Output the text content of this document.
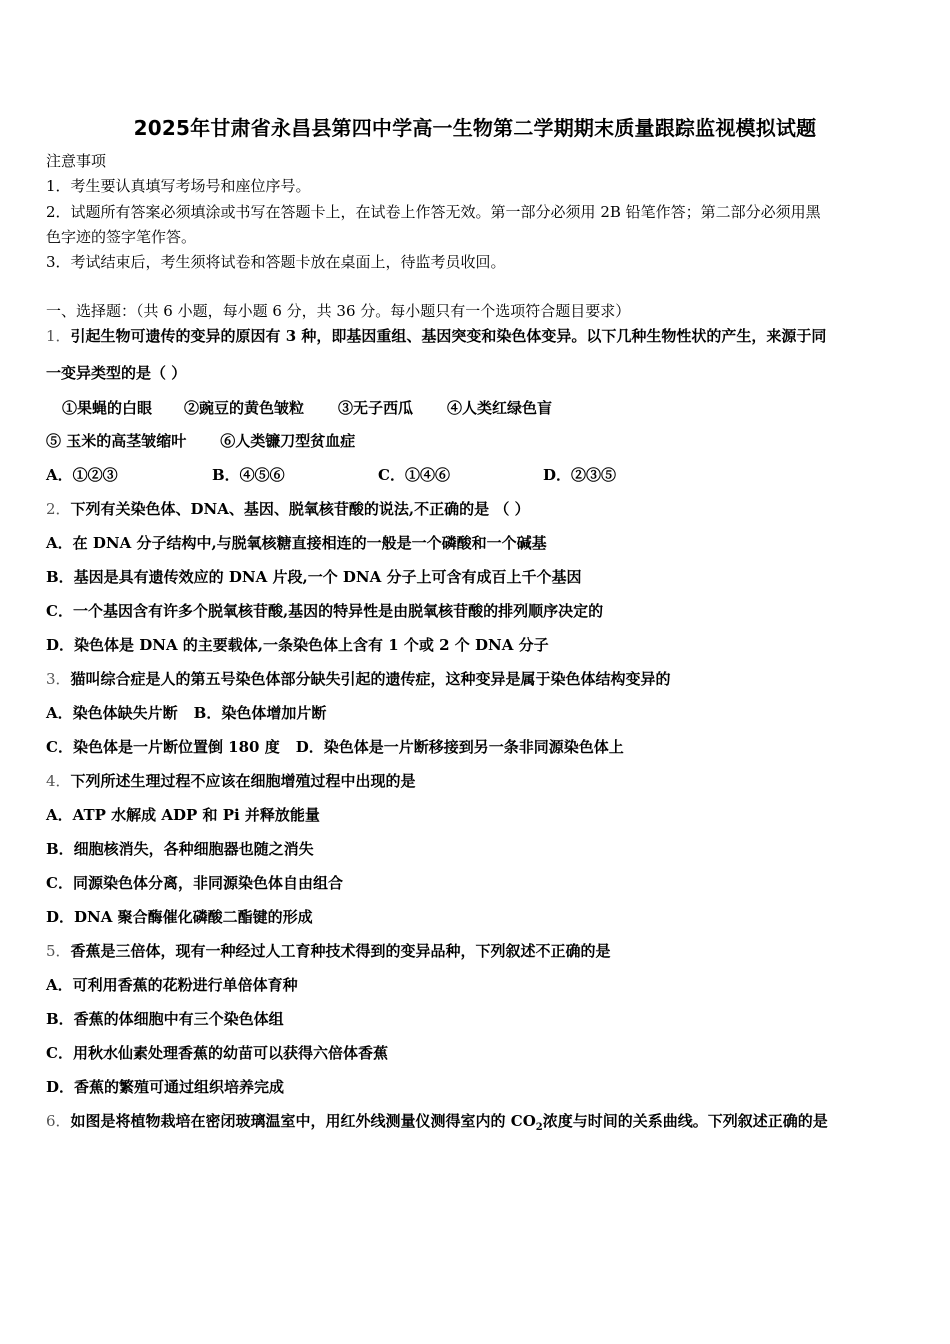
2025年甘肃省永昌县第四中学高一生物第二学期期末质量跟踪监视模拟试题
注意事项
1．考生要认真填写考场号和座位序号。
2．试题所有答案必须填涂或书写在答题卡上，在试卷上作答无效。第一部分必须用 2B 铅笔作答；第二部分必须用黑
色字迹的签字笔作答。
3．考试结束后，考生须将试卷和答题卡放在桌面上，待监考员收回。
一、选择题：（共 6 小题，每小题 6 分，共 36 分。每小题只有一个选项符合题目要求）
1．引起生物可遗传的变异的原因有 3 种，即基因重组、基因突变和染色体变异。以下几种生物性状的产生，来源于同
一变异类型的是（ ）
①果蝇的白眼 ②豌豆的黄色皱粒 ③无子西瓜 ④人类红绿色盲
⑤ 玉米的高茎皱缩叶 ⑥人类镰刀型贫血症
A．①②③	B．④⑤⑥	C．①④⑥	D．②③⑤
2．下列有关染色体、DNA、基因、脱氧核苷酸的说法,不正确的是 （ ）
A．在 DNA 分子结构中,与脱氧核糖直接相连的一般是一个磷酸和一个碱基
B．基因是具有遗传效应的 DNA 片段,一个 DNA 分子上可含有成百上千个基因
C．一个基因含有许多个脱氧核苷酸,基因的特异性是由脱氧核苷酸的排列顺序决定的
D．染色体是 DNA 的主要载体,一条染色体上含有 1 个或 2 个 DNA 分子
3．猫叫综合症是人的第五号染色体部分缺失引起的遗传症，这种变异是属于染色体结构变异的
A．染色体缺失片断 B．染色体增加片断
C．染色体是一片断位置倒 180 度 D．染色体是一片断移接到另一条非同源染色体上
4．下列所述生理过程不应该在细胞增殖过程中出现的是
A．ATP 水解成 ADP 和 Pi 并释放能量
B．细胞核消失，各种细胞器也随之消失
C．同源染色体分离，非同源染色体自由组合
D．DNA 聚合酶催化磷酸二酯键的形成
5．香蕉是三倍体，现有一种经过人工育种技术得到的变异品种，下列叙述不正确的是
A．可利用香蕉的花粉进行单倍体育种
B．香蕉的体细胞中有三个染色体组
C．用秋水仙素处理香蕉的幼苗可以获得六倍体香蕉
D．香蕉的繁殖可通过组织培养完成
6．如图是将植物栽培在密闭玻璃温室中，用红外线测量仪测得室内的 $CO_2$浓度与时间的关系曲线。下列叙述正确的是
